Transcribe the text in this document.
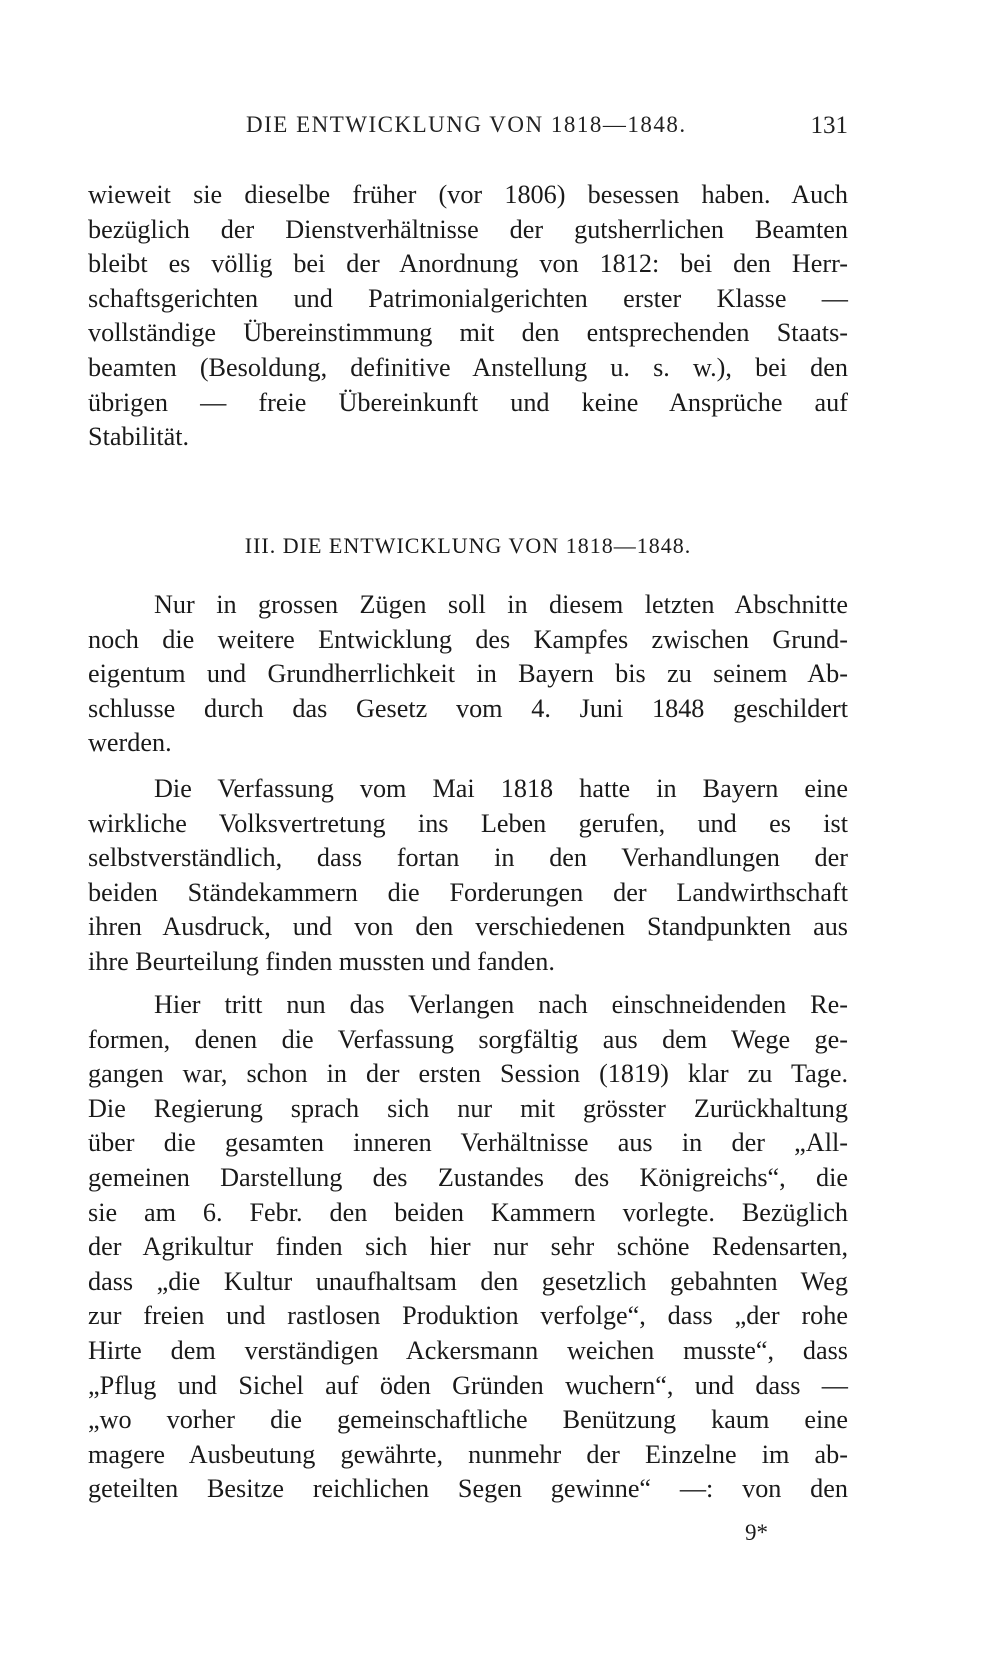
DIE ENTWICKLUNG VON 1818—1848.	131

wieweit sie dieselbe früher (vor 1806) besessen haben. Auch
bezüglich der Dienstverhältnisse der gutsherrlichen Beamten
bleibt es völlig bei der Anordnung von 1812: bei den Herr-
schaftsgerichten und Patrimonialgerichten erster Klasse —
vollständige Übereinstimmung mit den entsprechenden Staats-
beamten (Besoldung, definitive Anstellung u. s. w.), bei den
übrigen — freie Übereinkunft und keine Ansprüche auf
Stabilität.

III. DIE ENTWICKLUNG VON 1818—1848.

Nur in grossen Zügen soll in diesem letzten Abschnitte
noch die weitere Entwicklung des Kampfes zwischen Grund-
eigentum und Grundherrlichkeit in Bayern bis zu seinem Ab-
schlusse durch das Gesetz vom 4. Juni 1848 geschildert
werden.

Die Verfassung vom Mai 1818 hatte in Bayern eine
wirkliche Volksvertretung ins Leben gerufen, und es ist
selbstverständlich, dass fortan in den Verhandlungen der
beiden Ständekammern die Forderungen der Landwirthschaft
ihren Ausdruck, und von den verschiedenen Standpunkten aus
ihre Beurteilung finden mussten und fanden.

Hier tritt nun das Verlangen nach einschneidenden Re-
formen, denen die Verfassung sorgfältig aus dem Wege ge-
gangen war, schon in der ersten Session (1819) klar zu Tage.
Die Regierung sprach sich nur mit grösster Zurückhaltung
über die gesamten inneren Verhältnisse aus in der „All-
gemeinen Darstellung des Zustandes des Königreichs“, die
sie am 6. Febr. den beiden Kammern vorlegte. Bezüglich
der Agrikultur finden sich hier nur sehr schöne Redensarten,
dass „die Kultur unaufhaltsam den gesetzlich gebahnten Weg
zur freien und rastlosen Produktion verfolge“, dass „der rohe
Hirte dem verständigen Ackersmann weichen musste“, dass
„Pflug und Sichel auf öden Gründen wuchern“, und dass —
„wo vorher die gemeinschaftliche Benützung kaum eine
magere Ausbeutung gewährte, nunmehr der Einzelne im ab-
geteilten Besitze reichlichen Segen gewinne“ —: von den

9*
